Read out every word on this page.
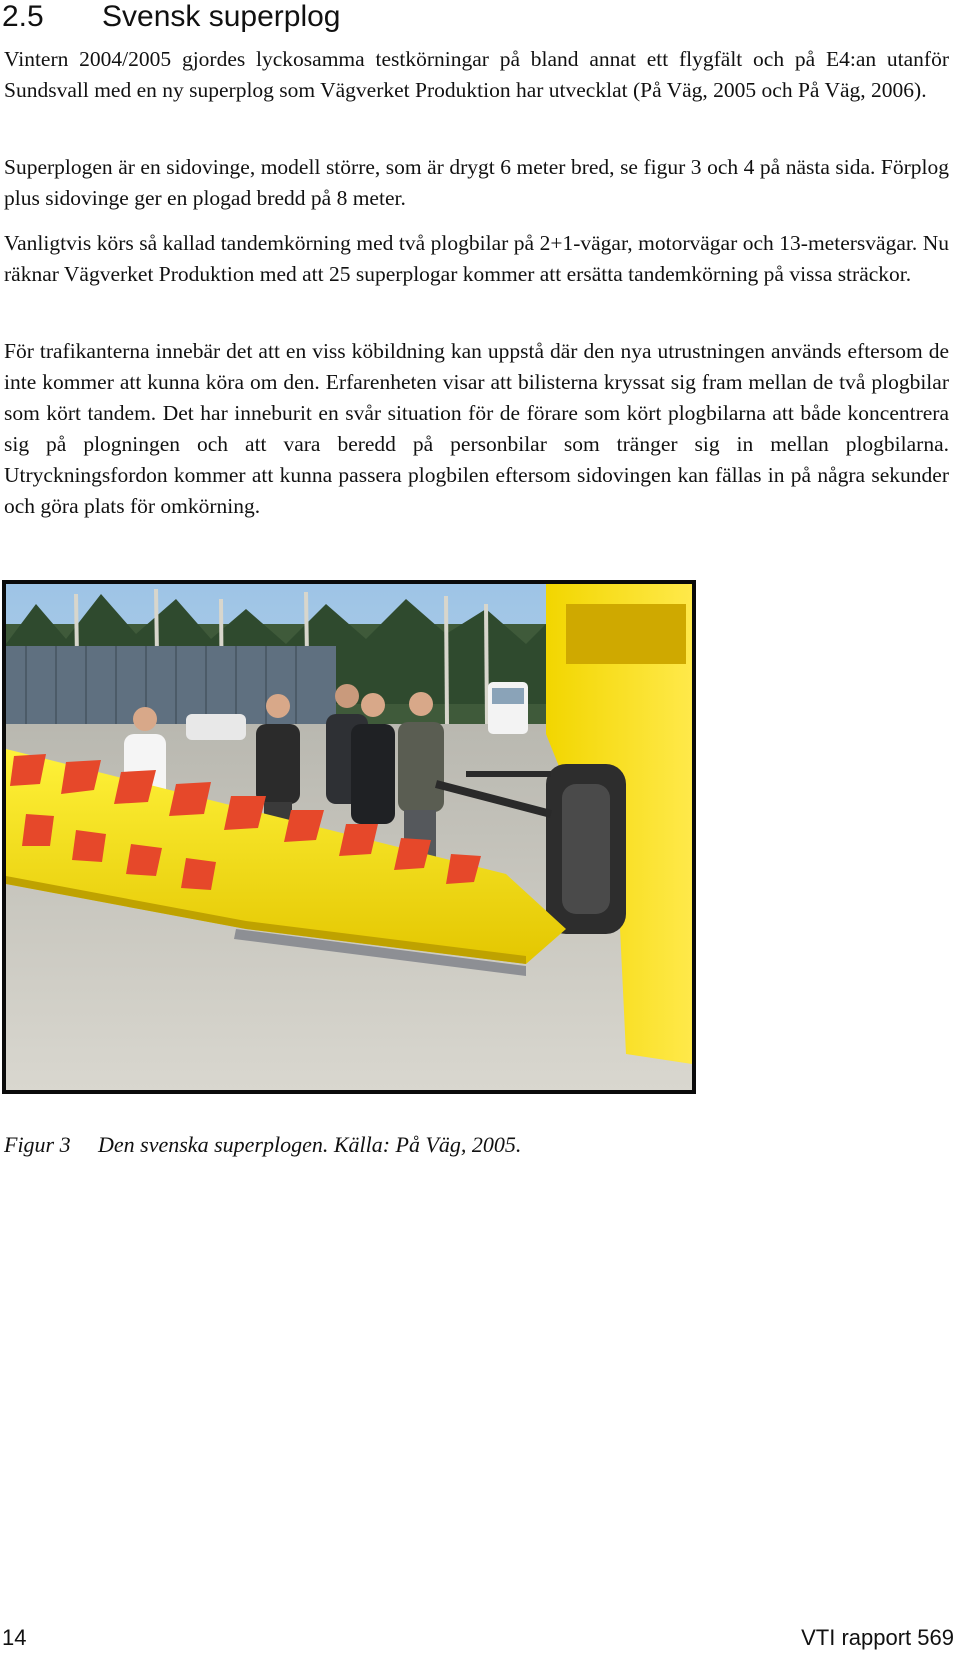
2.5 Svensk superplog

Vintern 2004/2005 gjordes lyckosamma testkörningar på bland annat ett flygfält och på E4:an utanför Sundsvall med en ny superplog som Vägverket Produktion har utvecklat (På Väg, 2005 och På Väg, 2006).

Superplogen är en sidovinge, modell större, som är drygt 6 meter bred, se figur 3 och 4 på nästa sida. Förplog plus sidovinge ger en plogad bredd på 8 meter.

Vanligtvis körs så kallad tandemkörning med två plogbilar på 2+1-vägar, motorvägar och 13-metersvägar. Nu räknar Vägverket Produktion med att 25 superplogar kommer att ersätta tandemkörning på vissa sträckor.

För trafikanterna innebär det att en viss köbildning kan uppstå där den nya utrustningen används eftersom de inte kommer att kunna köra om den. Erfarenheten visar att bilisterna kryssat sig fram mellan de två plogbilar som kört tandem. Det har inneburit en svår situation för de förare som kört plogbilarna att både koncentrera sig på plogningen och att vara beredd på personbilar som tränger sig in mellan plogbilarna. Utryckningsfordon kommer att kunna passera plogbilen eftersom sidovingen kan fällas in på några sekunder och göra plats för omkörning.

Figur 3 Den svenska superplogen. Källa: På Väg, 2005.
14	VTI rapport 569
